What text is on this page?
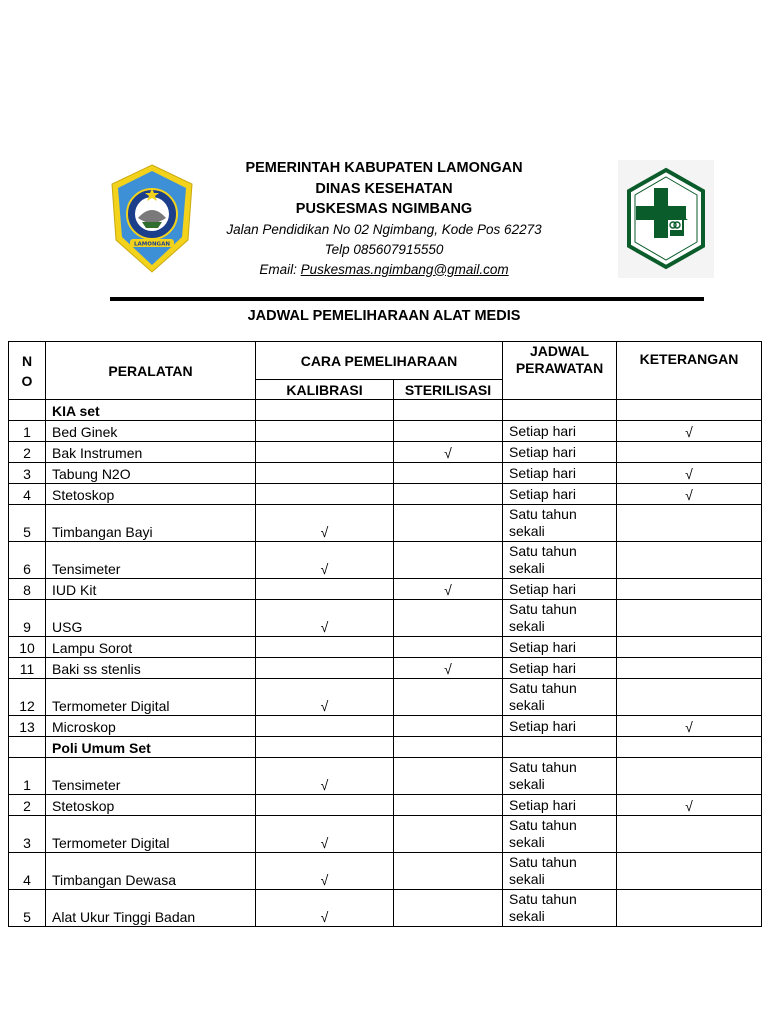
LAMONGAN
PEMERINTAH KABUPATEN LAMONGAN
DINAS KESEHATAN
PUSKESMAS NGIMBANG
Jalan Pendidikan No 02 Ngimbang, Kode Pos 62273
Telp 085607915550
Email: Puskesmas.ngimbang@gmail.com
JADWAL PEMELIHARAAN ALAT MEDIS
N O	PERALATAN	CARA PEMELIHARAAN		JADWAL PERAWATAN	KETERANGAN
		KALIBRASI	STERILISASI		
	KIA set				
1	Bed Ginek			Setiap hari	√
2	Bak Instrumen		√	Setiap hari	
3	Tabung N2O			Setiap hari	√
4	Stetoskop			Setiap hari	√
5	Timbangan Bayi	√		Satu tahun sekali	
6	Tensimeter	√		Satu tahun sekali	
8	IUD Kit		√	Setiap hari	
9	USG	√		Satu tahun sekali	
10	Lampu Sorot			Setiap hari	
11	Baki ss stenlis		√	Setiap hari	
12	Termometer Digital	√		Satu tahun sekali	
13	Microskop			Setiap hari	√
	Poli Umum Set				
1	Tensimeter	√		Satu tahun sekali	
2	Stetoskop			Setiap hari	√
3	Termometer Digital	√		Satu tahun sekali	
4	Timbangan Dewasa	√		Satu tahun sekali	
5	Alat Ukur Tinggi Badan	√		Satu tahun sekali	
